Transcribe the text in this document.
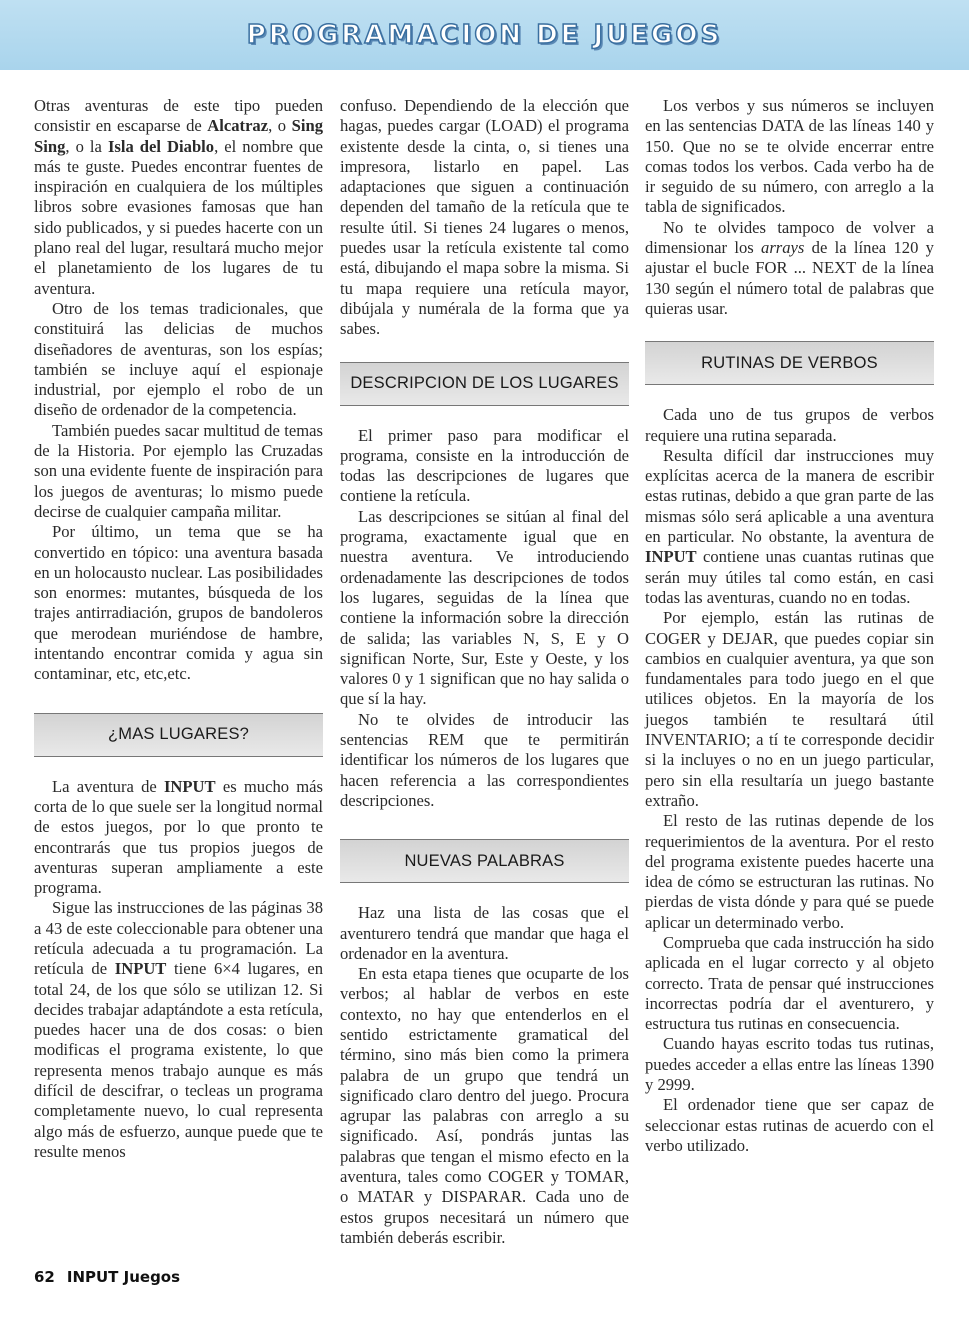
PROGRAMACION DE JUEGOS

Otras aventuras de este tipo pueden consistir en escaparse de Alcatraz, o Sing Sing, o la Isla del Diablo, el nombre que más te guste. Puedes encontrar fuentes de inspiración en cualquiera de los múltiples libros sobre evasiones famosas que han sido publicados, y si puedes hacerte con un plano real del lugar, resultará mucho mejor el planetamiento de los lugares de tu aventura.

Otro de los temas tradicionales, que constituirá las delicias de muchos diseñadores de aventuras, son los espías; también se incluye aquí el espionaje industrial, por ejemplo el robo de un diseño de ordenador de la competencia.

También puedes sacar multitud de temas de la Historia. Por ejemplo las Cruzadas son una evidente fuente de inspiración para los juegos de aventuras; lo mismo puede decirse de cualquier campaña militar.

Por último, un tema que se ha convertido en tópico: una aventura basada en un holocausto nuclear. Las posibilidades son enormes: mutantes, búsqueda de los trajes antirradiación, grupos de bandoleros que merodean muriéndose de hambre, intentando encontrar comida y agua sin contaminar, etc, etc,etc.

¿MAS LUGARES?

La aventura de INPUT es mucho más corta de lo que suele ser la longitud normal de estos juegos, por lo que pronto te encontrarás que tus propios juegos de aventuras superan ampliamente a este programa.

Sigue las instrucciones de las páginas 38 a 43 de este coleccionable para obtener una retícula adecuada a tu programación. La retícula de INPUT tiene 6×4 lugares, en total 24, de los que sólo se utilizan 12. Si decides trabajar adaptándote a esta retícula, puedes hacer una de dos cosas: o bien modificas el programa existente, lo que representa menos trabajo aunque es más difícil de descifrar, o tecleas un programa completamente nuevo, lo cual representa algo más de esfuerzo, aunque puede que te resulte menos

confuso. Dependiendo de la elección que hagas, puedes cargar (LOAD) el programa existente desde la cinta, o, si tienes una impresora, listarlo en papel. Las adaptaciones que siguen a continuación dependen del tamaño de la retícula que te resulte útil. Si tienes 24 lugares o menos, puedes usar la retícula existente tal como está, dibujando el mapa sobre la misma. Si tu mapa requiere una retícula mayor, dibújala y numérala de la forma que ya sabes.

DESCRIPCION DE LOS LUGARES

El primer paso para modificar el programa, consiste en la introducción de todas las descripciones de lugares que contiene la retícula.

Las descripciones se sitúan al final del programa, exactamente igual que en nuestra aventura. Ve introduciendo ordenadamente las descripciones de todos los lugares, seguidas de la línea que contiene la información sobre la dirección de salida; las variables N, S, E y O significan Norte, Sur, Este y Oeste, y los valores 0 y 1 significan que no hay salida o que sí la hay.

No te olvides de introducir las sentencias REM que te permitirán identificar los números de los lugares que hacen referencia a las correspondientes descripciones.

NUEVAS PALABRAS

Haz una lista de las cosas que el aventurero tendrá que mandar que haga el ordenador en la aventura.

En esta etapa tienes que ocuparte de los verbos; al hablar de verbos en este contexto, no hay que entenderlos en el sentido estrictamente gramatical del término, sino más bien como la primera palabra de un grupo que tendrá un significado claro dentro del juego. Procura agrupar las palabras con arreglo a su significado. Así, pondrás juntas las palabras que tengan el mismo efecto en la aventura, tales como COGER y TOMAR, o MATAR y DISPARAR. Cada uno de estos grupos necesitará un número que también deberás escribir.

Los verbos y sus números se incluyen en las sentencias DATA de las líneas 140 y 150. Que no se te olvide encerrar entre comas todos los verbos. Cada verbo ha de ir seguido de su número, con arreglo a la tabla de significados.

No te olvides tampoco de volver a dimensionar los arrays de la línea 120 y ajustar el bucle FOR ... NEXT de la línea 130 según el número total de palabras que quieras usar.

RUTINAS DE VERBOS

Cada uno de tus grupos de verbos requiere una rutina separada.

Resulta difícil dar instrucciones muy explícitas acerca de la manera de escribir estas rutinas, debido a que gran parte de las mismas sólo será aplicable a una aventura en particular. No obstante, la aventura de INPUT contiene unas cuantas rutinas que serán muy útiles tal como están, en casi todas las aventuras, cuando no en todas.

Por ejemplo, están las rutinas de COGER y DEJAR, que puedes copiar sin cambios en cualquier aventura, ya que son fundamentales para todo juego en el que utilices objetos. En la mayoría de los juegos también te resultará útil INVENTARIO; a tí te corresponde decidir si la incluyes o no en un juego particular, pero sin ella resultaría un juego bastante extraño.

El resto de las rutinas depende de los requerimientos de la aventura. Por el resto del programa existente puedes hacerte una idea de cómo se estructuran las rutinas. No pierdas de vista dónde y para qué se puede aplicar un determinado verbo.

Comprueba que cada instrucción ha sido aplicada en el lugar correcto y al objeto correcto. Trata de pensar qué instrucciones incorrectas podría dar el aventurero, y estructura tus rutinas en consecuencia.

Cuando hayas escrito todas tus rutinas, puedes acceder a ellas entre las líneas 1390 y 2999.

El ordenador tiene que ser capaz de seleccionar estas rutinas de acuerdo con el verbo utilizado.

62 INPUT Juegos
